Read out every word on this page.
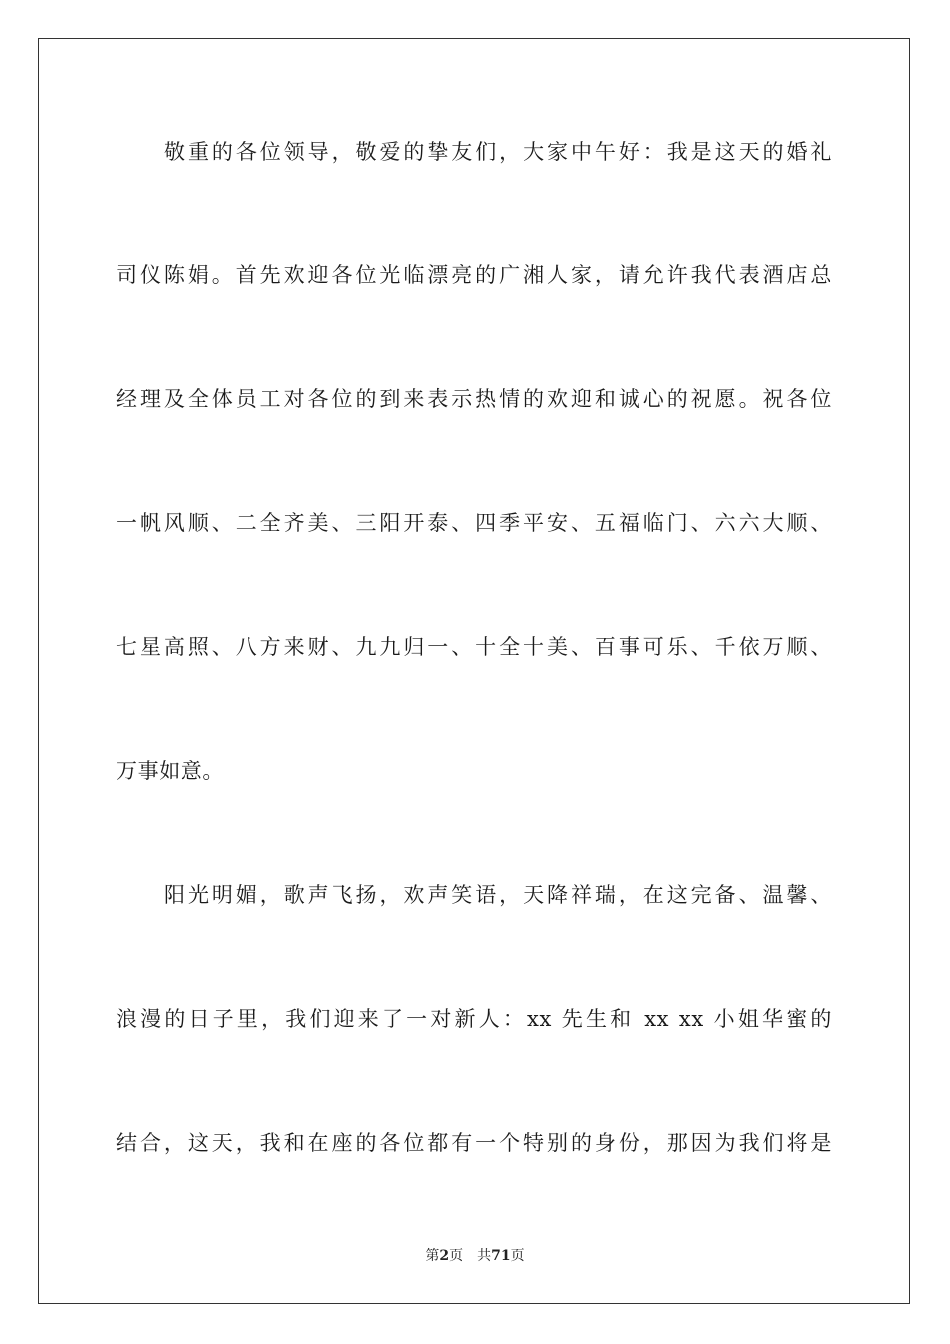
敬重的各位领导，敬爱的挚友们，大家中午好：我是这天的婚礼
司仪陈娟。首先欢迎各位光临漂亮的广湘人家，请允许我代表酒店总
经理及全体员工对各位的到来表示热情的欢迎和诚心的祝愿。祝各位
一帆风顺、二全齐美、三阳开泰、四季平安、五福临门、六六大顺、
七星高照、八方来财、九九归一、十全十美、百事可乐、千依万顺、
万事如意。
阳光明媚，歌声飞扬，欢声笑语，天降祥瑞，在这完备、温馨、
浪漫的日子里，我们迎来了一对新人：xx 先生和 xx xx 小姐华蜜的
结合，这天，我和在座的各位都有一个特别的身份，那因为我们将是
第2页 共71页
